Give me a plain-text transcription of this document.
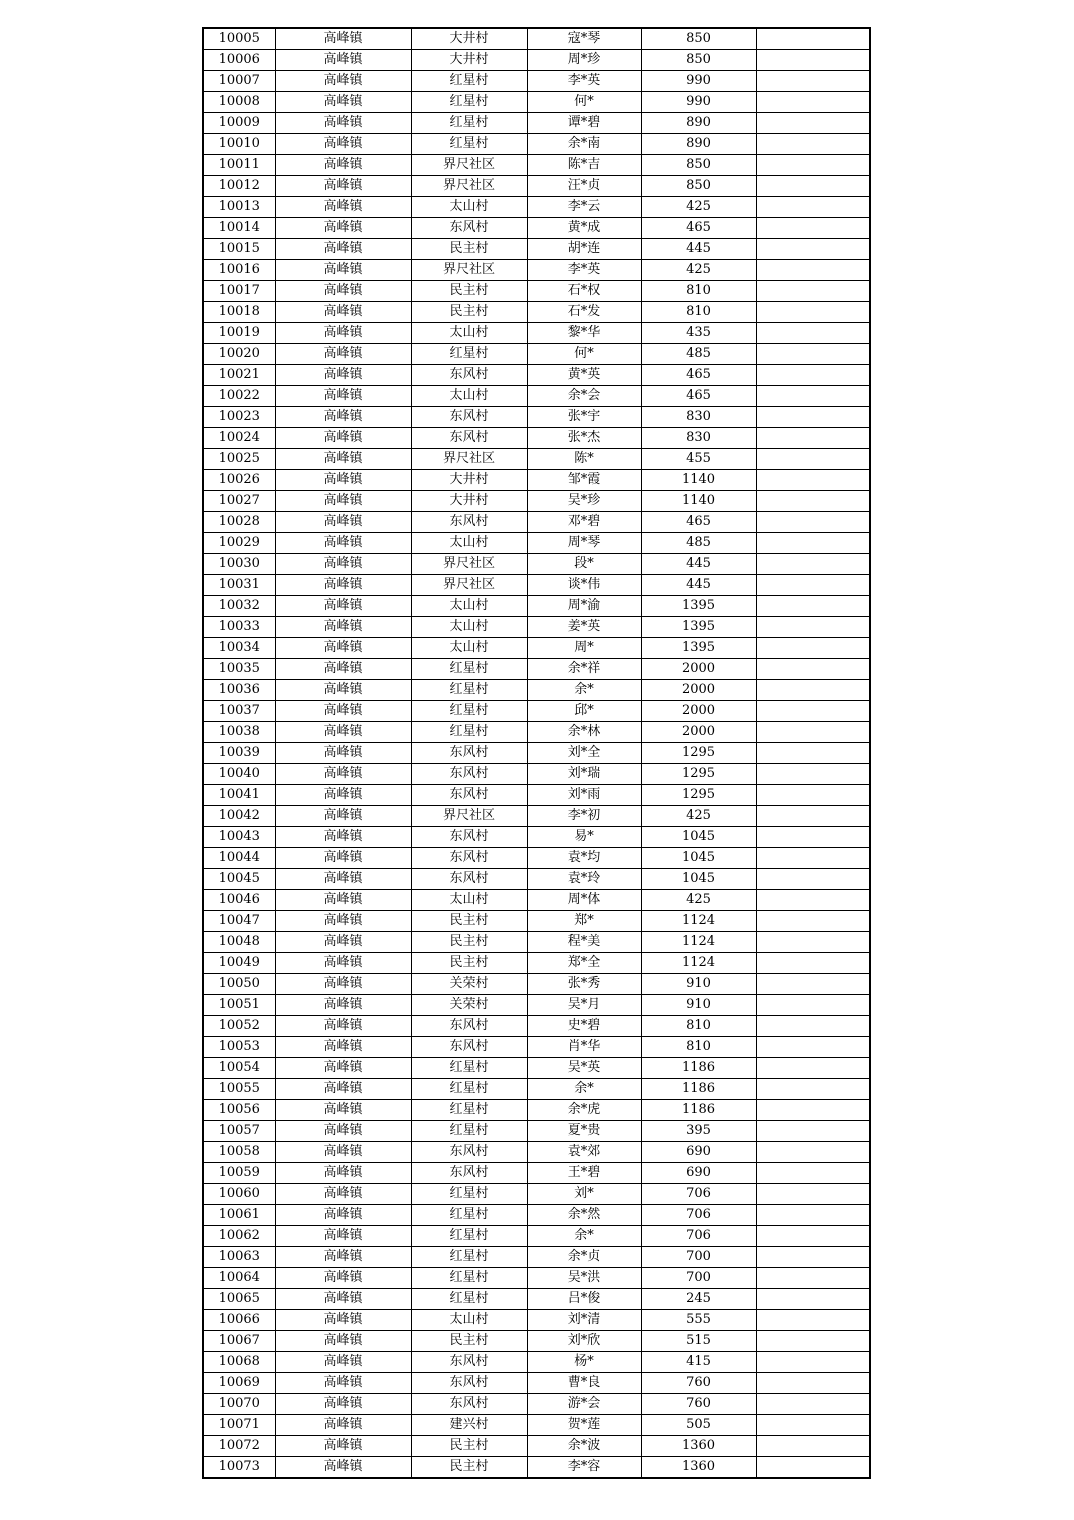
10005	高峰镇	大井村	寇*琴	850	
10006	高峰镇	大井村	周*珍	850	
10007	高峰镇	红星村	李*英	990	
10008	高峰镇	红星村	何*	990	
10009	高峰镇	红星村	谭*碧	890	
10010	高峰镇	红星村	余*南	890	
10011	高峰镇	界尺社区	陈*吉	850	
10012	高峰镇	界尺社区	汪*贞	850	
10013	高峰镇	太山村	李*云	425	
10014	高峰镇	东风村	黄*成	465	
10015	高峰镇	民主村	胡*连	445	
10016	高峰镇	界尺社区	李*英	425	
10017	高峰镇	民主村	石*权	810	
10018	高峰镇	民主村	石*发	810	
10019	高峰镇	太山村	黎*华	435	
10020	高峰镇	红星村	何*	485	
10021	高峰镇	东风村	黄*英	465	
10022	高峰镇	太山村	余*会	465	
10023	高峰镇	东风村	张*宇	830	
10024	高峰镇	东风村	张*杰	830	
10025	高峰镇	界尺社区	陈*	455	
10026	高峰镇	大井村	邹*霞	1140	
10027	高峰镇	大井村	吴*珍	1140	
10028	高峰镇	东风村	邓*碧	465	
10029	高峰镇	太山村	周*琴	485	
10030	高峰镇	界尺社区	段*	445	
10031	高峰镇	界尺社区	谈*伟	445	
10032	高峰镇	太山村	周*渝	1395	
10033	高峰镇	太山村	姜*英	1395	
10034	高峰镇	太山村	周*	1395	
10035	高峰镇	红星村	余*祥	2000	
10036	高峰镇	红星村	余*	2000	
10037	高峰镇	红星村	邱*	2000	
10038	高峰镇	红星村	余*林	2000	
10039	高峰镇	东风村	刘*全	1295	
10040	高峰镇	东风村	刘*瑞	1295	
10041	高峰镇	东风村	刘*雨	1295	
10042	高峰镇	界尺社区	李*初	425	
10043	高峰镇	东风村	易*	1045	
10044	高峰镇	东风村	袁*均	1045	
10045	高峰镇	东风村	袁*玲	1045	
10046	高峰镇	太山村	周*体	425	
10047	高峰镇	民主村	郑*	1124	
10048	高峰镇	民主村	程*美	1124	
10049	高峰镇	民主村	郑*全	1124	
10050	高峰镇	关荣村	张*秀	910	
10051	高峰镇	关荣村	吴*月	910	
10052	高峰镇	东风村	史*碧	810	
10053	高峰镇	东风村	肖*华	810	
10054	高峰镇	红星村	吴*英	1186	
10055	高峰镇	红星村	余*	1186	
10056	高峰镇	红星村	余*虎	1186	
10057	高峰镇	红星村	夏*贵	395	
10058	高峰镇	东风村	袁*郊	690	
10059	高峰镇	东风村	王*碧	690	
10060	高峰镇	红星村	刘*	706	
10061	高峰镇	红星村	余*然	706	
10062	高峰镇	红星村	余*	706	
10063	高峰镇	红星村	余*贞	700	
10064	高峰镇	红星村	吴*洪	700	
10065	高峰镇	红星村	吕*俊	245	
10066	高峰镇	太山村	刘*清	555	
10067	高峰镇	民主村	刘*欣	515	
10068	高峰镇	东风村	杨*	415	
10069	高峰镇	东风村	曹*良	760	
10070	高峰镇	东风村	游*会	760	
10071	高峰镇	建兴村	贺*莲	505	
10072	高峰镇	民主村	余*波	1360	
10073	高峰镇	民主村	李*容	1360	
